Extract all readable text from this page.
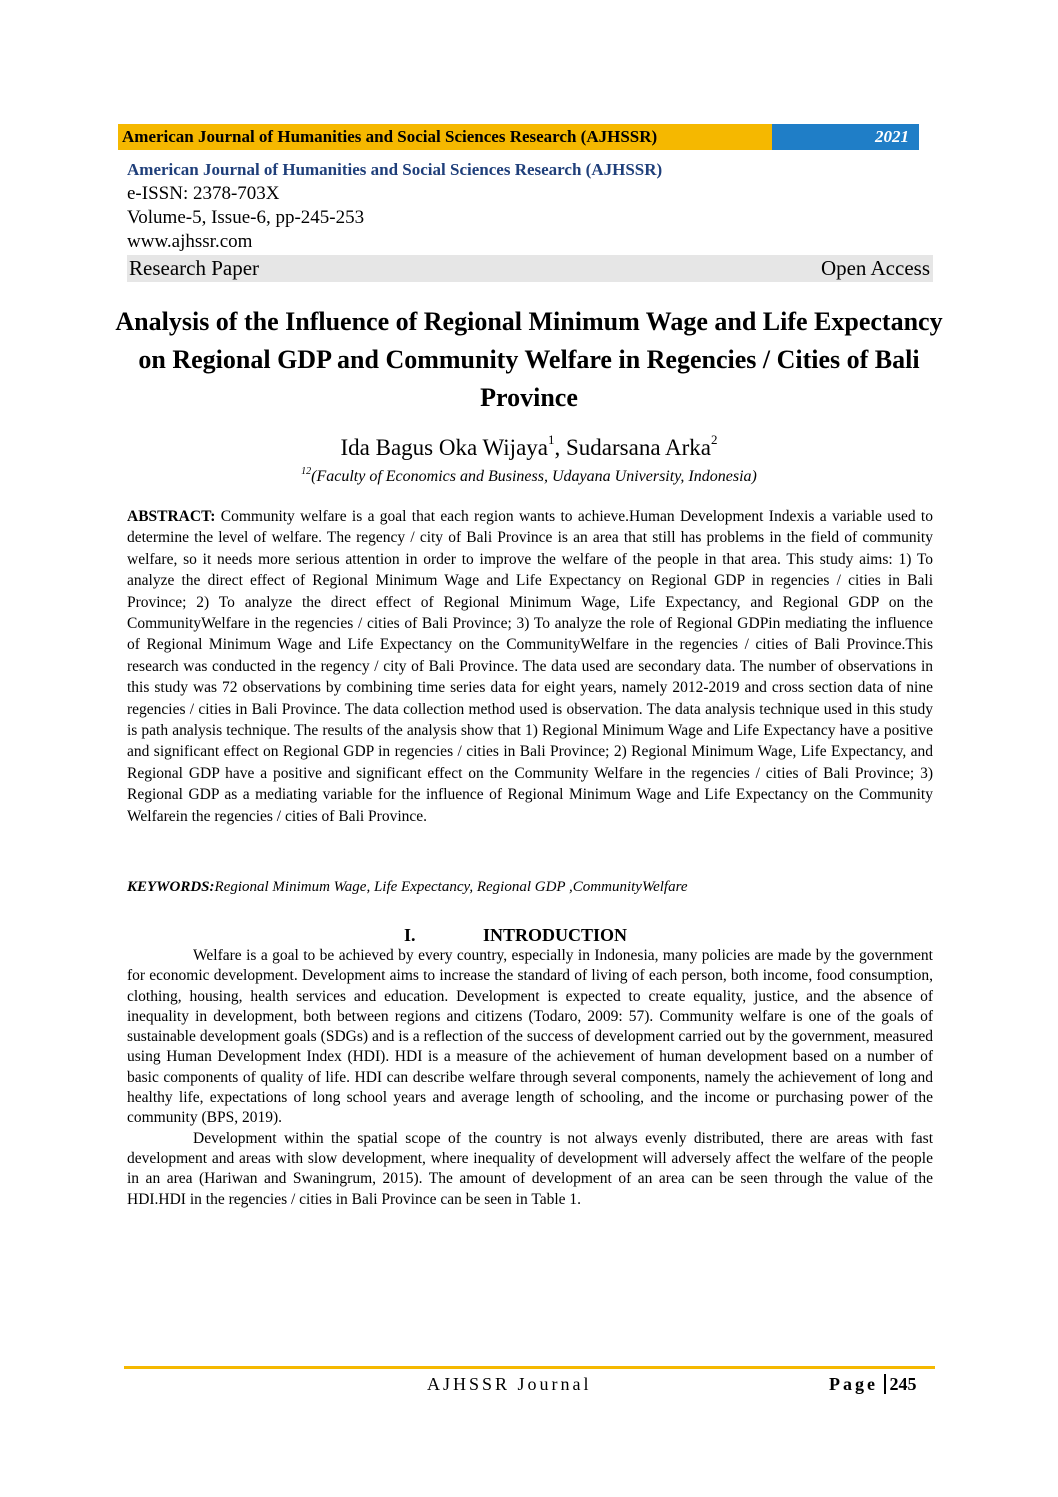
American Journal of Humanities and Social Sciences Research (AJHSSR)	2021
American Journal of Humanities and Social Sciences Research (AJHSSR)
e-ISSN: 2378-703X
Volume-5, Issue-6, pp-245-253
www.ajhssr.com
Research Paper	Open Access
Analysis of the Influence of Regional Minimum Wage and Life Expectancy on Regional GDP and Community Welfare in Regencies / Cities of Bali Province
Ida Bagus Oka Wijaya$^1$, Sudarsana Arka$^2$
$^{12}$(Faculty of Economics and Business, Udayana University, Indonesia)
ABSTRACT: Community welfare is a goal that each region wants to achieve.Human Development Indexis a variable used to determine the level of welfare. The regency / city of Bali Province is an area that still has problems in the field of community welfare, so it needs more serious attention in order to improve the welfare of the people in that area. This study aims: 1) To analyze the direct effect of Regional Minimum Wage and Life Expectancy on Regional GDP in regencies / cities in Bali Province; 2) To analyze the direct effect of Regional Minimum Wage, Life Expectancy, and Regional GDP on the CommunityWelfare in the regencies / cities of Bali Province; 3) To analyze the role of Regional GDPin mediating the influence of Regional Minimum Wage and Life Expectancy on the CommunityWelfare in the regencies / cities of Bali Province.This research was conducted in the regency / city of Bali Province. The data used are secondary data. The number of observations in this study was 72 observations by combining time series data for eight years, namely 2012-2019 and cross section data of nine regencies / cities in Bali Province. The data collection method used is observation. The data analysis technique used in this study is path analysis technique. The results of the analysis show that 1) Regional Minimum Wage and Life Expectancy have a positive and significant effect on Regional GDP in regencies / cities in Bali Province; 2) Regional Minimum Wage, Life Expectancy, and Regional GDP have a positive and significant effect on the Community Welfare in the regencies / cities of Bali Province; 3) Regional GDP as a mediating variable for the influence of Regional Minimum Wage and Life Expectancy on the Community Welfarein the regencies / cities of Bali Province.
KEYWORDS:Regional Minimum Wage, Life Expectancy, Regional GDP ,CommunityWelfare
I.	INTRODUCTION

Welfare is a goal to be achieved by every country, especially in Indonesia, many policies are made by the government for economic development. Development aims to increase the standard of living of each person, both income, food consumption, clothing, housing, health services and education. Development is expected to create equality, justice, and the absence of inequality in development, both between regions and citizens (Todaro, 2009: 57). Community welfare is one of the goals of sustainable development goals (SDGs) and is a reflection of the success of development carried out by the government, measured using Human Development Index (HDI). HDI is a measure of the achievement of human development based on a number of basic components of quality of life. HDI can describe welfare through several components, namely the achievement of long and healthy life, expectations of long school years and average length of schooling, and the income or purchasing power of the community (BPS, 2019).

Development within the spatial scope of the country is not always evenly distributed, there are areas with fast development and areas with slow development, where inequality of development will adversely affect the welfare of the people in an area (Hariwan and Swaningrum, 2015). The amount of development of an area can be seen through the value of the HDI.HDI in the regencies / cities in Bali Province can be seen in Table 1.

AJHSSR Journal	Page 245
